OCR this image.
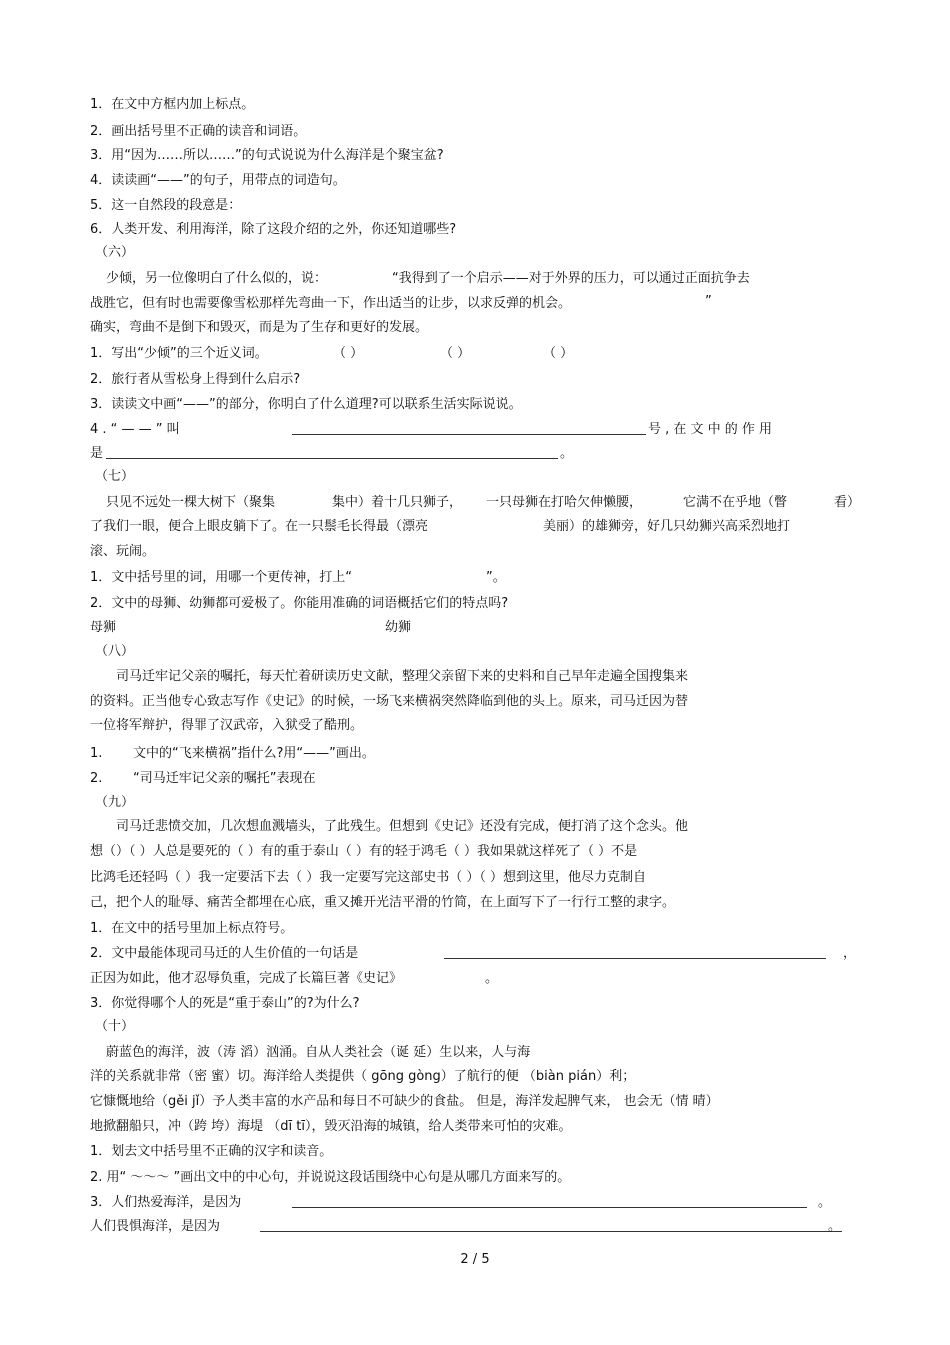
1．在文中方框内加上标点。
2．画出括号里不正确的读音和词语。
3．用“因为……所以……”的句式说说为什么海洋是个聚宝盆?
4．读读画“——”的句子，用带点的词造句。
5．这一自然段的段意是：
6．人类开发、利用海洋，除了这段介绍的之外，你还知道哪些?
（六）
少倾，另一位像明白了什么似的，说：	“我得到了一个启示——对于外界的压力，可以通过正面抗争去
战胜它，但有时也需要像雪松那样先弯曲一下，作出适当的让步，以求反弹的机会。	”
确实，弯曲不是倒下和毁灭，而是为了生存和更好的发展。
1．写出“少倾”的三个近义词。	（ ）	（ ）	（ ）
2．旅行者从雪松身上得到什么启示?
3．读读文中画“——”的部分，你明白了什么道理?可以联系生活实际说说。
4 . “ — — ” 叫	号 , 在 文 中 的 作 用
是	。
（七）
只见不远处一棵大树下（聚集	集中）着十几只狮子， 一只母狮在打哈欠伸懒腰，	它满不在乎地（瞥	看）
了我们一眼，便合上眼皮躺下了。在一只鬃毛长得最（漂亮	美丽）的雄狮旁，好几只幼狮兴高采烈地打
滚、玩闹。
1．文中括号里的词，用哪一个更传神，打上“	”。
2．文中的母狮、幼狮都可爱极了。你能用准确的词语概括它们的特点吗?
母狮	幼狮
（八）
司马迁牢记父亲的嘱托，每天忙着研读历史文献，整理父亲留下来的史料和自己早年走遍全国搜集来
的资料。正当他专心致志写作《史记》的时候，一场飞来横祸突然降临到他的头上。原来，司马迁因为替
一位将军辩护，得罪了汉武帝，入狱受了酷刑。
1. 文中的“飞来横祸”指什么?用“——”画出。
2. “司马迁牢记父亲的嘱托”表现在
（九）
司马迁悲愤交加，几次想血溅墙头，了此残生。但想到《史记》还没有完成，便打消了这个念头。他
想（）（ ）人总是要死的（ ）有的重于泰山（ ）有的轻于鸿毛（ ）我如果就这样死了（ ）不是
比鸿毛还轻吗（ ）我一定要活下去（ ）我一定要写完这部史书（ ）（ ）想到这里，他尽力克制自
己，把个人的耻辱、痛苦全都埋在心底，重又摊开光洁平滑的竹简，在上面写下了一行行工整的隶字。
1．在文中的括号里加上标点符号。
2．文中最能体现司马迁的人生价值的一句话是	，
正因为如此，他才忍辱负重，完成了长篇巨著《史记》	。
3．你觉得哪个人的死是“重于泰山”的?为什么?
（十）
蔚蓝色的海洋，波（涛 滔）汹涌。自从人类社会（诞 延）生以来，人与海
洋的关系就非常（密 蜜）切。海洋给人类提供（ gōng gòng）了航行的便 （biàn pián）利；
它慷慨地给（gěi jǐ）予人类丰富的水产品和每日不可缺少的食盐。 但是，海洋发起脾气来， 也会无（情 晴）
地掀翻船只，冲（跨 垮）海堤 （dī tī），毁灭沿海的城镇，给人类带来可怕的灾难。
1．划去文中括号里不正确的汉字和读音。
2. 用“ ～～～ ”画出文中的中心句，并说说这段话围绕中心句是从哪几方面来写的。
3．人们热爱海洋，是因为	。
人们畏惧海洋，是因为	。
2 / 5
